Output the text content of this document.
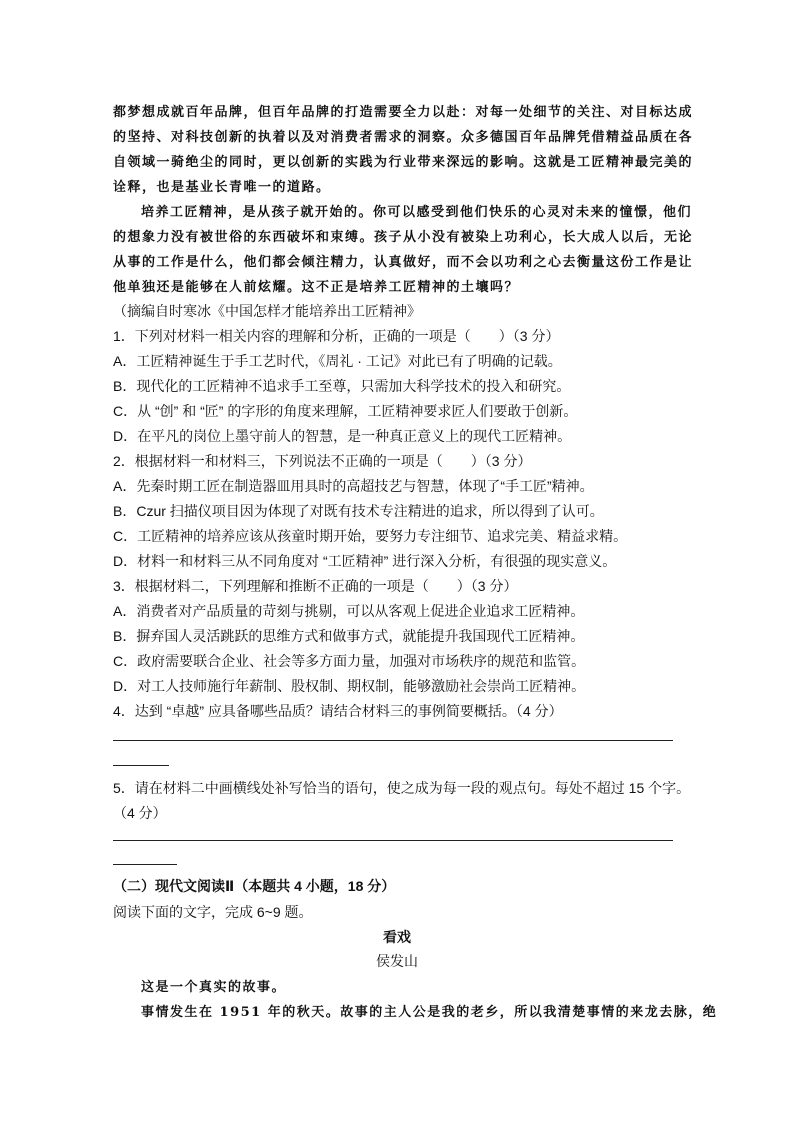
都梦想成就百年品牌，但百年品牌的打造需要全力以赴：对每一处细节的关注、对目标达成
的坚持、对科技创新的执着以及对消费者需求的洞察。众多德国百年品牌凭借精益品质在各
自领域一骑绝尘的同时，更以创新的实践为行业带来深远的影响。这就是工匠精神最完美的
诠释，也是基业长青唯一的道路。
培养工匠精神，是从孩子就开始的。你可以感受到他们快乐的心灵对未来的憧憬，他们
的想象力没有被世俗的东西破坏和束缚。孩子从小没有被染上功利心，长大成人以后，无论
从事的工作是什么，他们都会倾注精力，认真做好，而不会以功利之心去衡量这份工作是让
他单独还是能够在人前炫耀。这不正是培养工匠精神的土壤吗？
（摘编自时寒冰《中国怎样才能培养出工匠精神》
1．下列对材料一相关内容的理解和分析，正确的一项是（　　）（3 分）
A．工匠精神诞生于手工艺时代，《周礼 · 工记》对此已有了明确的记载。
B．现代化的工匠精神不追求手工至尊，只需加大科学技术的投入和研究。
C．从 “创” 和 “匠” 的字形的角度来理解，工匠精神要求匠人们要敢于创新。
D．在平凡的岗位上墨守前人的智慧，是一种真正意义上的现代工匠精神。
2．根据材料一和材料三，下列说法不正确的一项是（　　）（3 分）
A．先秦时期工匠在制造器皿用具时的高超技艺与智慧，体现了“手工匠”精神。
B．Czur 扫描仪项目因为体现了对既有技术专注精进的追求，所以得到了认可。
C．工匠精神的培养应该从孩童时期开始，要努力专注细节、追求完美、精益求精。
D．材料一和材料三从不同角度对 “工匠精神” 进行深入分析，有很强的现实意义。
3．根据材料二，下列理解和推断不正确的一项是（　　）（3 分）
A．消费者对产品质量的苛刻与挑剔，可以从客观上促进企业追求工匠精神。
B．摒弃国人灵活跳跃的思维方式和做事方式，就能提升我国现代工匠精神。
C．政府需要联合企业、社会等多方面力量，加强对市场秩序的规范和监管。
D．对工人技师施行年薪制、股权制、期权制，能够激励社会崇尚工匠精神。
4．达到 “卓越” 应具备哪些品质？请结合材料三的事例简要概括。（4 分）
5．请在材料二中画横线处补写恰当的语句，使之成为每一段的观点句。每处不超过 15 个字。
（4 分）
（二）现代文阅读Ⅱ（本题共 4 小题，18 分）
阅读下面的文字，完成 6~9 题。
看戏
侯发山
这是一个真实的故事。
事情发生在 1951 年的秋天。故事的主人公是我的老乡，所以我清楚事情的来龙去脉，绝
